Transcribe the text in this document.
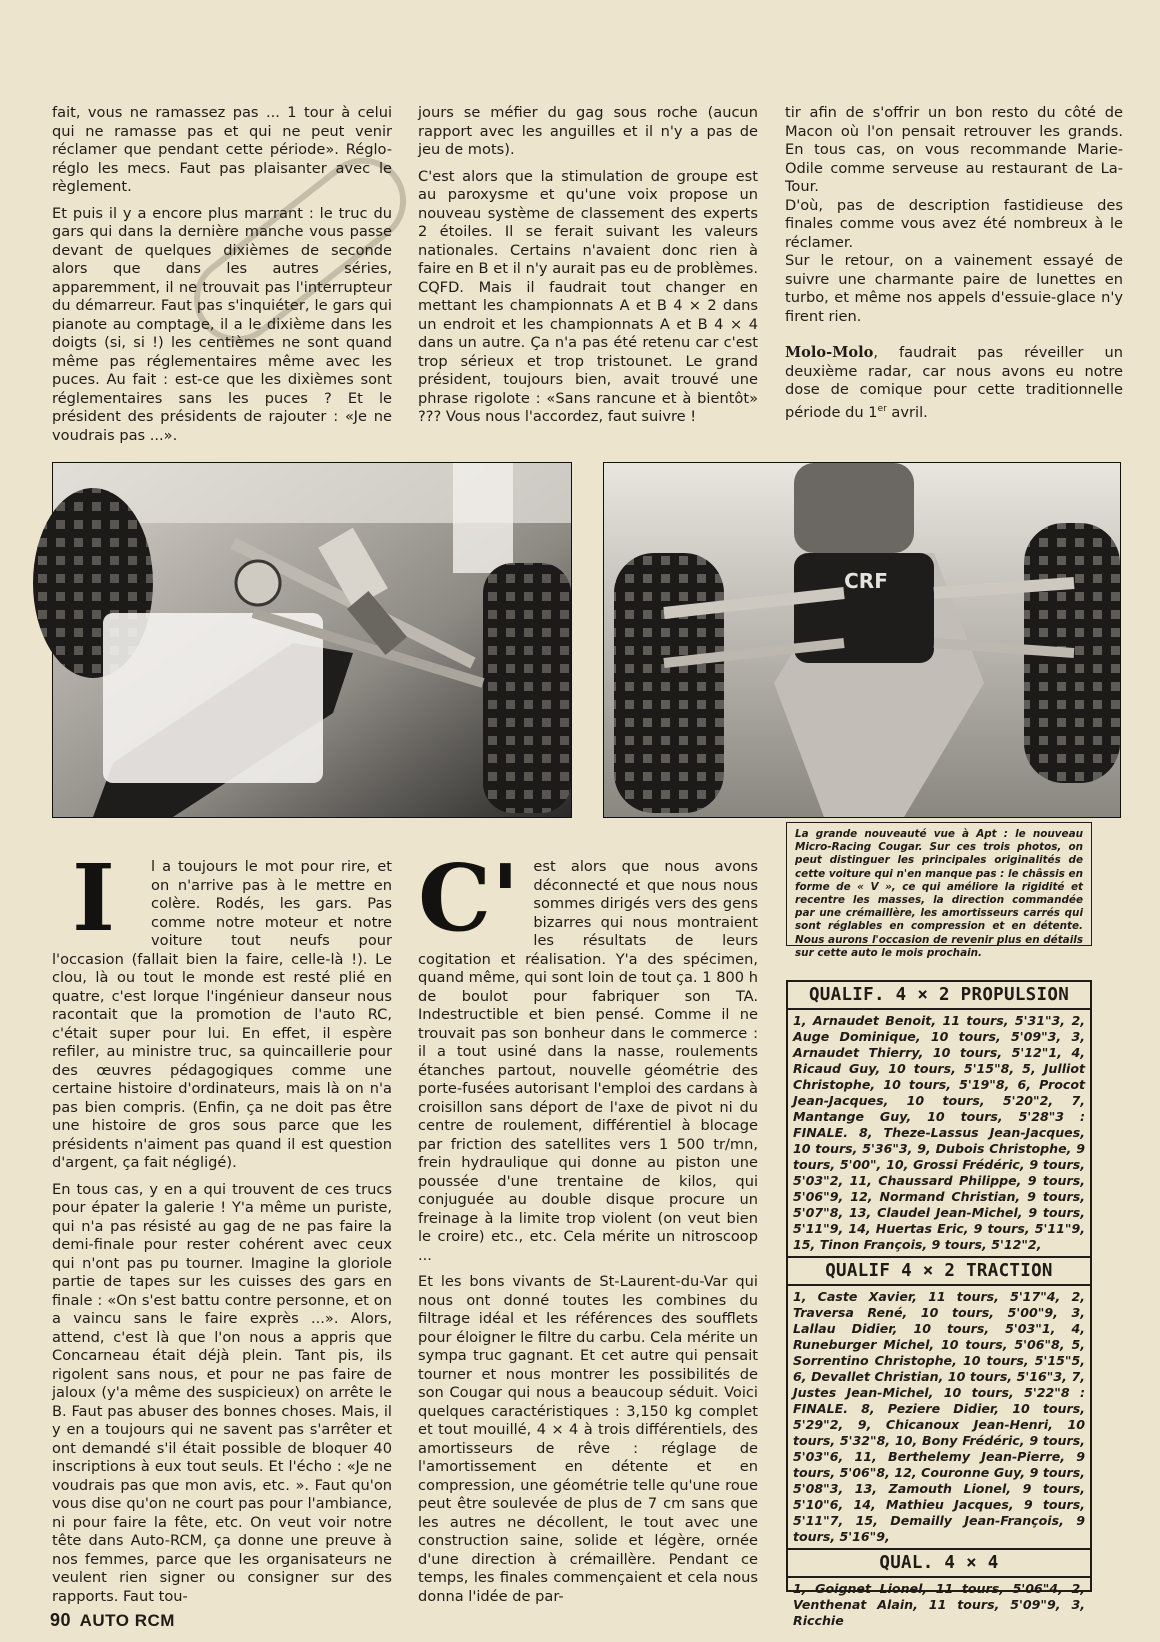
fait, vous ne ramassez pas ... 1 tour à celui qui ne ramasse pas et qui ne peut venir réclamer que pendant cette période». Réglo-réglo les mecs. Faut pas plaisanter avec le règlement.

Et puis il y a encore plus marrant : le truc du gars qui dans la dernière manche vous passe devant de quelques dixièmes de seconde alors que dans les autres séries, apparemment, il ne trouvait pas l'interrupteur du démarreur. Faut pas s'inquiéter, le gars qui pianote au comptage, il a le dixième dans les doigts (si, si !) les centièmes ne sont quand même pas réglementaires même avec les puces. Au fait : est-ce que les dixièmes sont réglementaires sans les puces ? Et le président des présidents de rajouter : «Je ne voudrais pas ...».

jours se méfier du gag sous roche (aucun rapport avec les anguilles et il n'y a pas de jeu de mots).

C'est alors que la stimulation de groupe est au paroxysme et qu'une voix propose un nouveau système de classement des experts 2 étoiles. Il se ferait suivant les valeurs nationales. Certains n'avaient donc rien à faire en B et il n'y aurait pas eu de problèmes. CQFD. Mais il faudrait tout changer en mettant les championnats A et B 4 × 2 dans un endroit et les championnats A et B 4 × 4 dans un autre. Ça n'a pas été retenu car c'est trop sérieux et trop tristounet. Le grand président, toujours bien, avait trouvé une phrase rigolote : «Sans rancune et à bientôt» ??? Vous nous l'accordez, faut suivre !

tir afin de s'offrir un bon resto du côté de Macon où l'on pensait retrouver les grands. En tous cas, on vous recommande Marie-Odile comme serveuse au restaurant de La-Tour.

D'où, pas de description fastidieuse des finales comme vous avez été nombreux à le réclamer.

Sur le retour, on a vainement essayé de suivre une charmante paire de lunettes en turbo, et même nos appels d'essuie-glace n'y firent rien.

Molo-Molo, faudrait pas réveiller un deuxième radar, car nous avons eu notre dose de comique pour cette traditionnelle période du 1er avril.

CRF
La grande nouveauté vue à Apt : le nouveau Micro-Racing Cougar. Sur ces trois photos, on peut distinguer les principales originalités de cette voiture qui n'en manque pas : le châssis en forme de « V », ce qui améliore la rigidité et recentre les masses, la direction commandée par une crémaillère, les amortisseurs carrés qui sont réglables en compression et en détente. Nous aurons l'occasion de revenir plus en détails sur cette auto le mois prochain.

I l a toujours le mot pour rire, et on n'arrive pas à le mettre en colère. Rodés, les gars. Pas comme notre moteur et notre voiture tout neufs pour l'occasion (fallait bien la faire, celle-là !). Le clou, là ou tout le monde est resté plié en quatre, c'est lorque l'ingénieur danseur nous racontait que la promotion de l'auto RC, c'était super pour lui. En effet, il espère refiler, au ministre truc, sa quincaillerie pour des œuvres pédagogiques comme une certaine histoire d'ordinateurs, mais là on n'a pas bien compris. (Enfin, ça ne doit pas être une histoire de gros sous parce que les présidents n'aiment pas quand il est question d'argent, ça fait négligé).

En tous cas, y en a qui trouvent de ces trucs pour épater la galerie ! Y'a même un puriste, qui n'a pas résisté au gag de ne pas faire la demi-finale pour rester cohérent avec ceux qui n'ont pas pu tourner. Imagine la gloriole partie de tapes sur les cuisses des gars en finale : «On s'est battu contre personne, et on a vaincu sans le faire exprès ...». Alors, attend, c'est là que l'on nous a appris que Concarneau était déjà plein. Tant pis, ils rigolent sans nous, et pour ne pas faire de jaloux (y'a même des suspicieux) on arrête le B. Faut pas abuser des bonnes choses. Mais, il y en a toujours qui ne savent pas s'arrêter et ont demandé s'il était possible de bloquer 40 inscriptions à eux tout seuls. Et l'écho : «Je ne voudrais pas que mon avis, etc. ». Faut qu'on vous dise qu'on ne court pas pour l'ambiance, ni pour faire la fête, etc. On veut voir notre tête dans Auto-RCM, ça donne une preuve à nos femmes, parce que les organisateurs ne veulent rien signer ou consigner sur des rapports. Faut tou-

C' est alors que nous avons déconnecté et que nous nous sommes dirigés vers des gens bizarres qui nous montraient les résultats de leurs cogitation et réalisation. Y'a des spécimen, quand même, qui sont loin de tout ça. 1 800 h de boulot pour fabriquer son TA. Indestructible et bien pensé. Comme il ne trouvait pas son bonheur dans le commerce : il a tout usiné dans la nasse, roulements étanches partout, nouvelle géométrie des porte-fusées autorisant l'emploi des cardans à croisillon sans déport de l'axe de pivot ni du centre de roulement, différentiel à blocage par friction des satellites vers 1 500 tr/mn, frein hydraulique qui donne au piston une poussée d'une trentaine de kilos, qui conjuguée au double disque procure un freinage à la limite trop violent (on veut bien le croire) etc., etc. Cela mérite un nitroscoop ...

Et les bons vivants de St-Laurent-du-Var qui nous ont donné toutes les combines du filtrage idéal et les références des soufflets pour éloigner le filtre du carbu. Cela mérite un sympa truc gagnant. Et cet autre qui pensait tourner et nous montrer les possibilités de son Cougar qui nous a beaucoup séduit. Voici quelques caractéristiques : 3,150 kg complet et tout mouillé, 4 × 4 à trois différentiels, des amortisseurs de rêve : réglage de l'amortissement en détente et en compression, une géométrie telle qu'une roue peut être soulevée de plus de 7 cm sans que les autres ne décollent, le tout avec une construction saine, solide et légère, ornée d'une direction à crémaillère. Pendant ce temps, les finales commençaient et cela nous donna l'idée de par-

QUALIF. 4 × 2 PROPULSION
1, Arnaudet Benoit, 11 tours, 5'31"3, 2, Auge Dominique, 10 tours, 5'09"3, 3, Arnaudet Thierry, 10 tours, 5'12"1, 4, Ricaud Guy, 10 tours, 5'15"8, 5, Julliot Christophe, 10 tours, 5'19"8, 6, Procot Jean-Jacques, 10 tours, 5'20"2, 7, Mantange Guy, 10 tours, 5'28"3 : FINALE. 8, Theze-Lassus Jean-Jacques, 10 tours, 5'36"3, 9, Dubois Christophe, 9 tours, 5'00", 10, Grossi Frédéric, 9 tours, 5'03"2, 11, Chaussard Philippe, 9 tours, 5'06"9, 12, Normand Christian, 9 tours, 5'07"8, 13, Claudel Jean-Michel, 9 tours, 5'11"9, 14, Huertas Eric, 9 tours, 5'11"9, 15, Tinon François, 9 tours, 5'12"2,
QUALIF 4 × 2 TRACTION
1, Caste Xavier, 11 tours, 5'17"4, 2, Traversa René, 10 tours, 5'00"9, 3, Lallau Didier, 10 tours, 5'03"1, 4, Runeburger Michel, 10 tours, 5'06"8, 5, Sorrentino Christophe, 10 tours, 5'15"5, 6, Devallet Christian, 10 tours, 5'16"3, 7, Justes Jean-Michel, 10 tours, 5'22"8 : FINALE. 8, Peziere Didier, 10 tours, 5'29"2, 9, Chicanoux Jean-Henri, 10 tours, 5'32"8, 10, Bony Frédéric, 9 tours, 5'03"6, 11, Berthelemy Jean-Pierre, 9 tours, 5'06"8, 12, Couronne Guy, 9 tours, 5'08"3, 13, Zamouth Lionel, 9 tours, 5'10"6, 14, Mathieu Jacques, 9 tours, 5'11"7, 15, Demailly Jean-François, 9 tours, 5'16"9,
QUAL. 4 × 4
1, Goignet Lionel, 11 tours, 5'06"4, 2, Venthenat Alain, 11 tours, 5'09"9, 3, Ricchie
90 AUTO RCM
